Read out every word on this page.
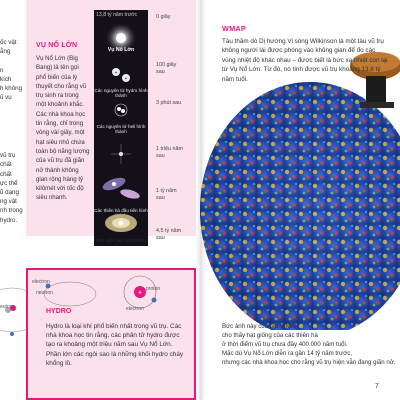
ốc vật
ằng

n
kích
h không
ũ vụ

vũ trụ
chất
chất
ực thể
ũ dạng
ng vật
nh trong
hydro.
VỤ NỔ LỚN
Vụ Nổ Lớn (Big Bang) là tên gọi phổ biến của lý thuyết cho rằng vũ trụ sinh ra trong một khoảnh khắc. Các nhà khoa học tin rằng, chỉ trong vòng vài giây, một hạt siêu nhỏ chứa toàn bộ năng lượng của vũ trụ đã giãn nở thành không gian rộng hàng tỷ kilômét với tốc độ siêu nhanh.
13,8 tỷ năm trước
Vụ Nổ Lớn
+
+
Các nguyên tử hydro hình thành
Các nguyên tử heli hình thành
Các thiên hà đầu tiên hình
Các ngôi sao hình thành
0 giây
100 giây sau
3 phút sau
1 triệu năm sau
1 tỷ năm sau
4,5 tỷ năm sau
eutron
electron
neutron	+
proton
electron
HYDRO
Hydro là loại khí phổ biến nhất trong vũ trụ. Các nhà khoa học tin rằng, các phân tử hydro được tạo ra khoảng một triệu năm sau Vụ Nổ Lớn. Phần lớn các ngôi sao là những khối hydro cháy khổng lồ.
WMAP
Tàu thăm dò Dị hướng Vi sóng Wilkinson là một tàu vũ trụ không người lái được phóng vào không gian để đo các vùng nhiệt độ khác nhau – được biết là bức xạ nhiệt còn lại từ Vụ Nổ Lớn. Từ đó, nó tính được vũ trụ khoảng 13,8 tỷ năm tuổi.
Bức ảnh này của tàu WMAP
cho thấy hạt giống của các thiên hà
ở thời điểm vũ trụ chưa đầy 400.000 năm tuổi.
Mặc dù Vụ Nổ Lớn diễn ra gần 14 tỷ năm trước,
nhưng các nhà khoa học cho rằng vũ trụ hiện vẫn đang giãn nở.
7
